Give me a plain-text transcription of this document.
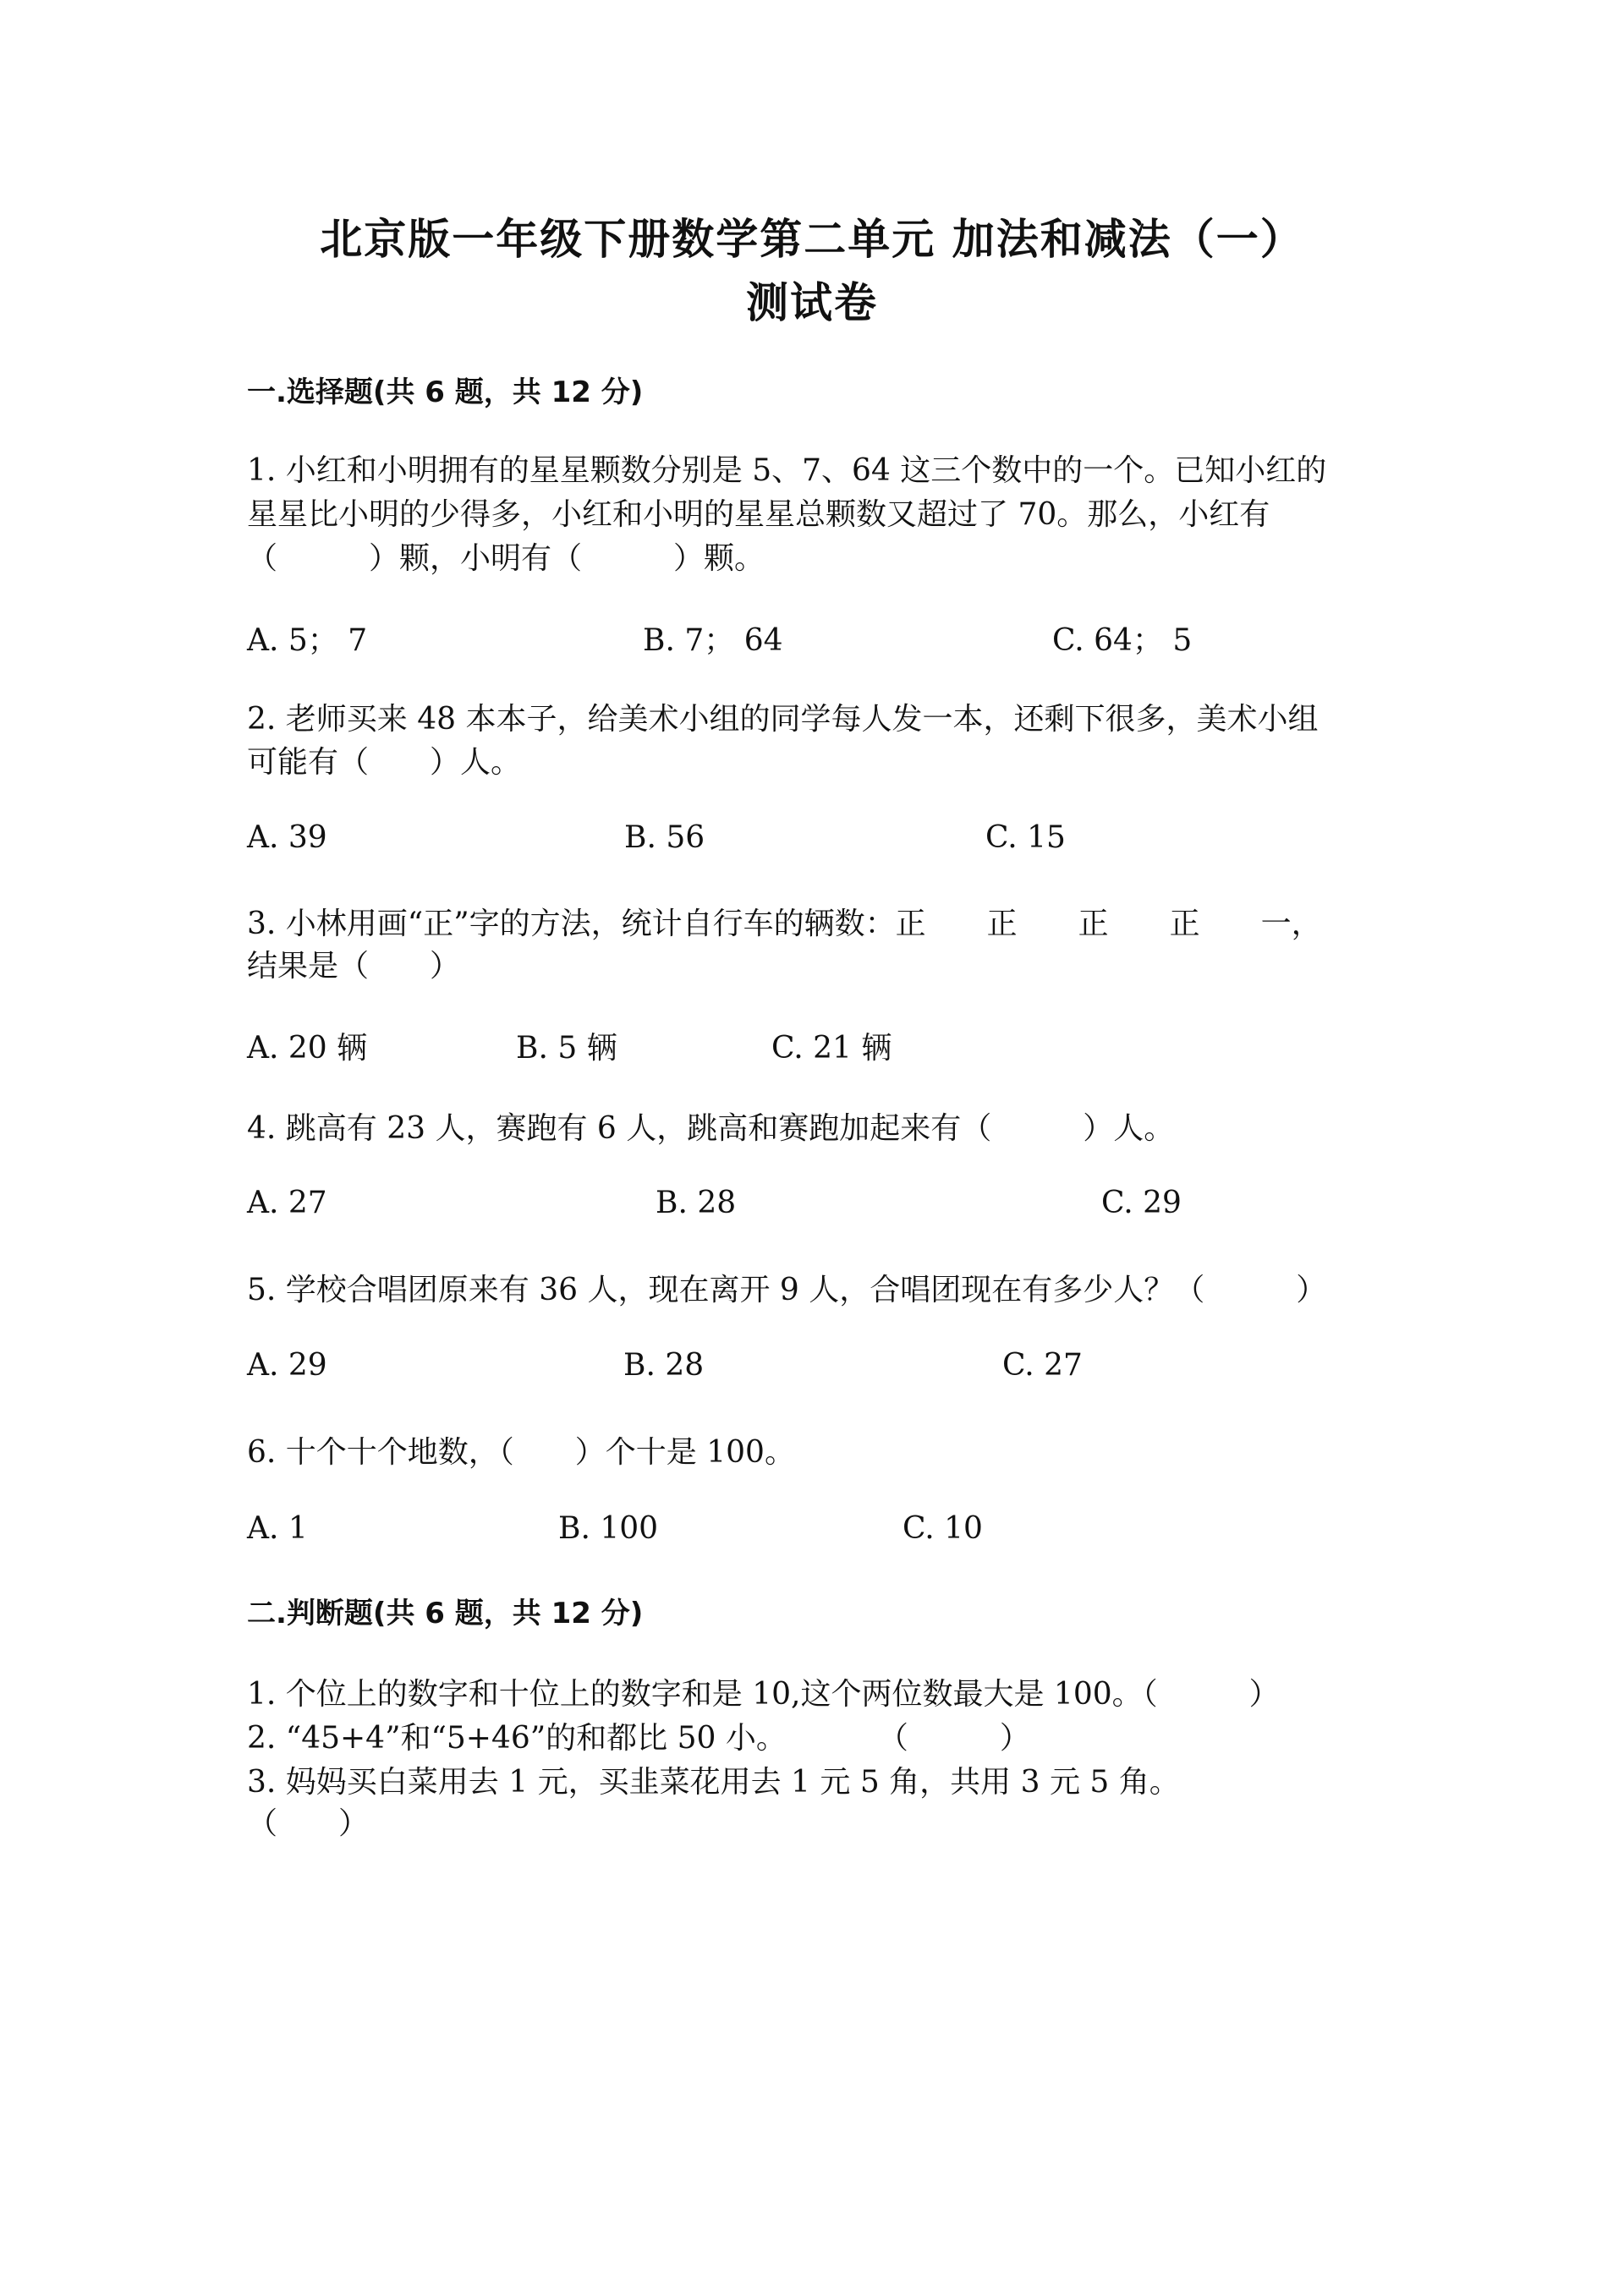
北京版一年级下册数学第二单元 加法和减法（一）
测试卷
一.选择题(共 6 题，共 12 分)
1. 小红和小明拥有的星星颗数分别是 5、7、64 这三个数中的一个。已知小红的
星星比小明的少得多，小红和小明的星星总颗数又超过了 70。那么，小红有
（　　　）颗，小明有（　　　）颗。
A. 5； 7	B. 7； 64	C. 64； 5
2. 老师买来 48 本本子，给美术小组的同学每人发一本，还剩下很多，美术小组
可能有（　　）人。
A. 39	B. 56	C. 15
3. 小林用画“正”字的方法，统计自行车的辆数：正　　正　　正　　正　　一，
结果是（　　）
A. 20 辆	B. 5 辆	C. 21 辆
4. 跳高有 23 人，赛跑有 6 人，跳高和赛跑加起来有（　　　）人。
A. 27	B. 28	C. 29
5. 学校合唱团原来有 36 人，现在离开 9 人，合唱团现在有多少人？（　　　）
A. 29	B. 28	C. 27
6. 十个十个地数，（　　）个十是 100。
A. 1	B. 100	C. 10
二.判断题(共 6 题，共 12 分)
1. 个位上的数字和十位上的数字和是 10,这个两位数最大是 100。（　　　）
2. “45+4”和“5+46”的和都比 50 小。　　　　（　　　）
3. 妈妈买白菜用去 1 元，买韭菜花用去 1 元 5 角，共用 3 元 5 角。
（　　）
